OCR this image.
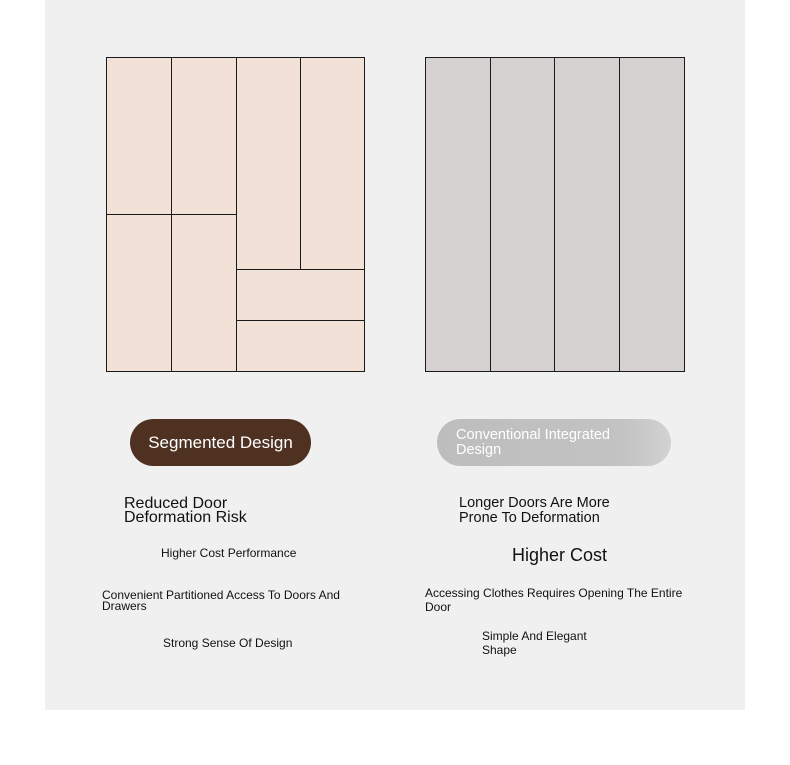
Segmented Design	Conventional Integrated Design

Reduced Door Deformation Risk

Higher Cost Performance

Convenient Partitioned Access To Doors And Drawers

Strong Sense Of Design

Longer Doors Are More Prone To Deformation

Higher Cost

Accessing Clothes Requires Opening The Entire Door

Simple And Elegant Shape
